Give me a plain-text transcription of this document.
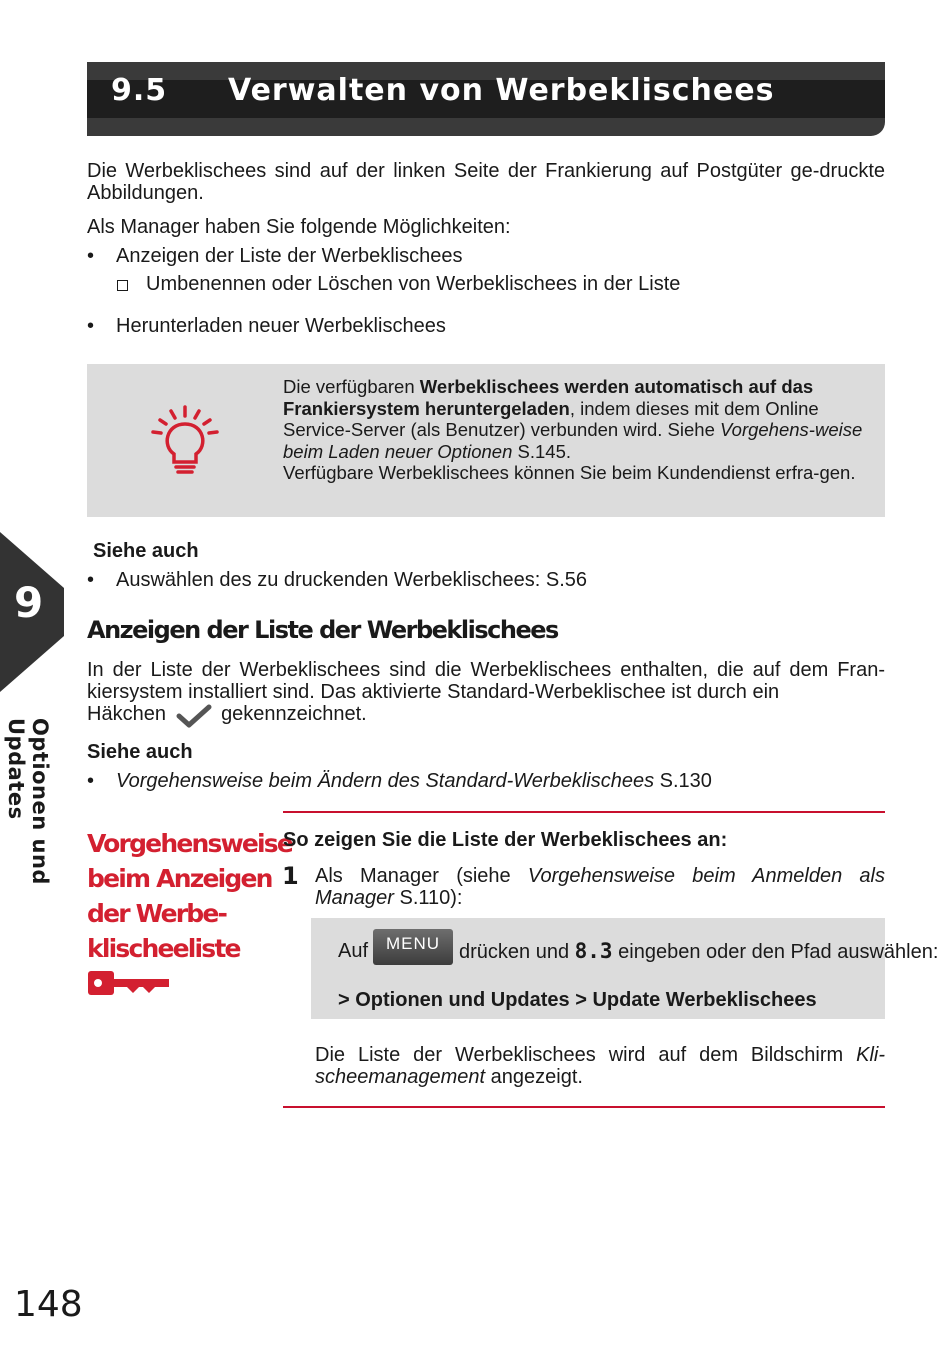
9.5 Verwalten von Werbeklischees

Die Werbeklischees sind auf der linken Seite der Frankierung auf Postgüter ge-druckte Abbildungen.

Als Manager haben Sie folgende Möglichkeiten:

• Anzeigen der Liste der Werbeklischees
Umbenennen oder Löschen von Werbeklischees in der Liste
• Herunterladen neuer Werbeklischees
Die verfügbaren Werbeklischees werden automatisch auf das Frankiersystem heruntergeladen, indem dieses mit dem Online Service-Server (als Benutzer) verbunden wird. Siehe Vorgehens-weise beim Laden neuer Optionen S.145.
Verfügbare Werbeklischees können Sie beim Kundendienst erfra-gen.
Siehe auch
• Auswählen des zu druckenden Werbeklischees: S.56
9
Optionen und Updates
Anzeigen der Liste der Werbeklischees

In der Liste der Werbeklischees sind die Werbeklischees enthalten, die auf dem Fran-kiersystem installiert sind. Das aktivierte Standard-Werbeklischee ist durch ein

Häkchen	gekennzeichnet.
Siehe auch
• Vorgehensweise beim Ändern des Standard-Werbeklischees S.130
Vorgehensweise beim Anzeigen der Werbe-klischeeliste
So zeigen Sie die Liste der Werbeklischees an:
1 Als Manager (siehe Vorgehensweise beim Anmelden als Manager S.110):

Auf	MENU drücken und 8.3 eingeben oder den Pfad auswählen:
> Optionen und Updates > Update Werbeklischees

Die Liste der Werbeklischees wird auf dem Bildschirm Kli-scheemanagement angezeigt.

148
